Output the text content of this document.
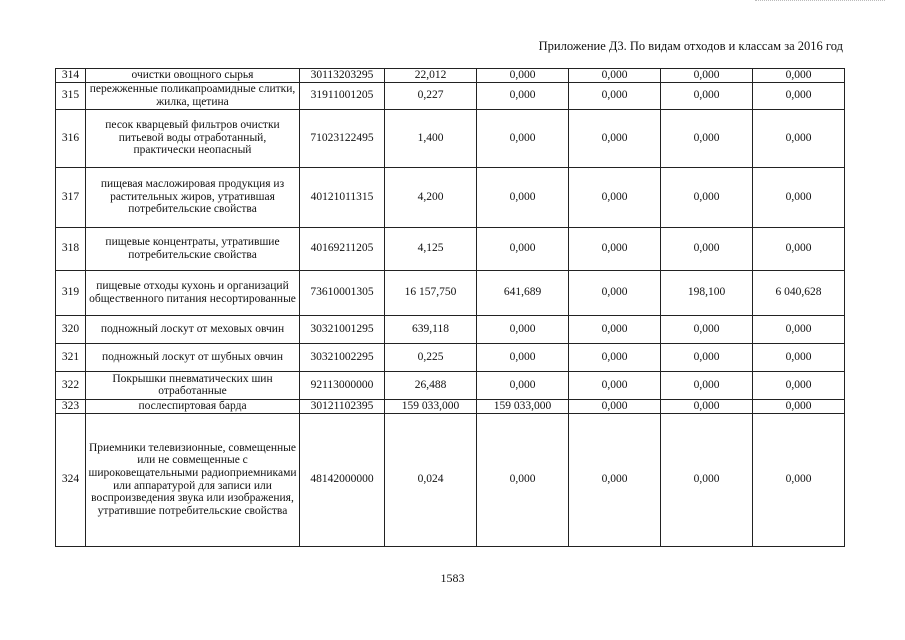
Приложение Д3. По видам отходов и классам за 2016 год
314	очистки овощного сырья	30113203295	22,012	0,000	0,000	0,000	0,000
315	пережженные поликапроамидные слитки, жилка, щетина	31911001205	0,227	0,000	0,000	0,000	0,000
316	песок кварцевый фильтров очистки питьевой воды отработанный, практически неопасный	71023122495	1,400	0,000	0,000	0,000	0,000
317	пищевая масложировая продукция из растительных жиров, утратившая потребительские свойства	40121011315	4,200	0,000	0,000	0,000	0,000
318	пищевые концентраты, утратившие потребительские свойства	40169211205	4,125	0,000	0,000	0,000	0,000
319	пищевые отходы кухонь и организаций общественного питания несортированные	73610001305	16 157,750	641,689	0,000	198,100	6 040,628
320	подножный лоскут от меховых овчин	30321001295	639,118	0,000	0,000	0,000	0,000
321	подножный лоскут от шубных овчин	30321002295	0,225	0,000	0,000	0,000	0,000
322	Покрышки пневматических шин отработанные	92113000000	26,488	0,000	0,000	0,000	0,000
323	послеспиртовая барда	30121102395	159 033,000	159 033,000	0,000	0,000	0,000
324	Приемники телевизионные, совмещенные или не совмещенные с широковещательными радиоприемниками или аппаратурой для записи или воспроизведения звука или изображения, утратившие потребительские свойства	48142000000	0,024	0,000	0,000	0,000	0,000
1583
